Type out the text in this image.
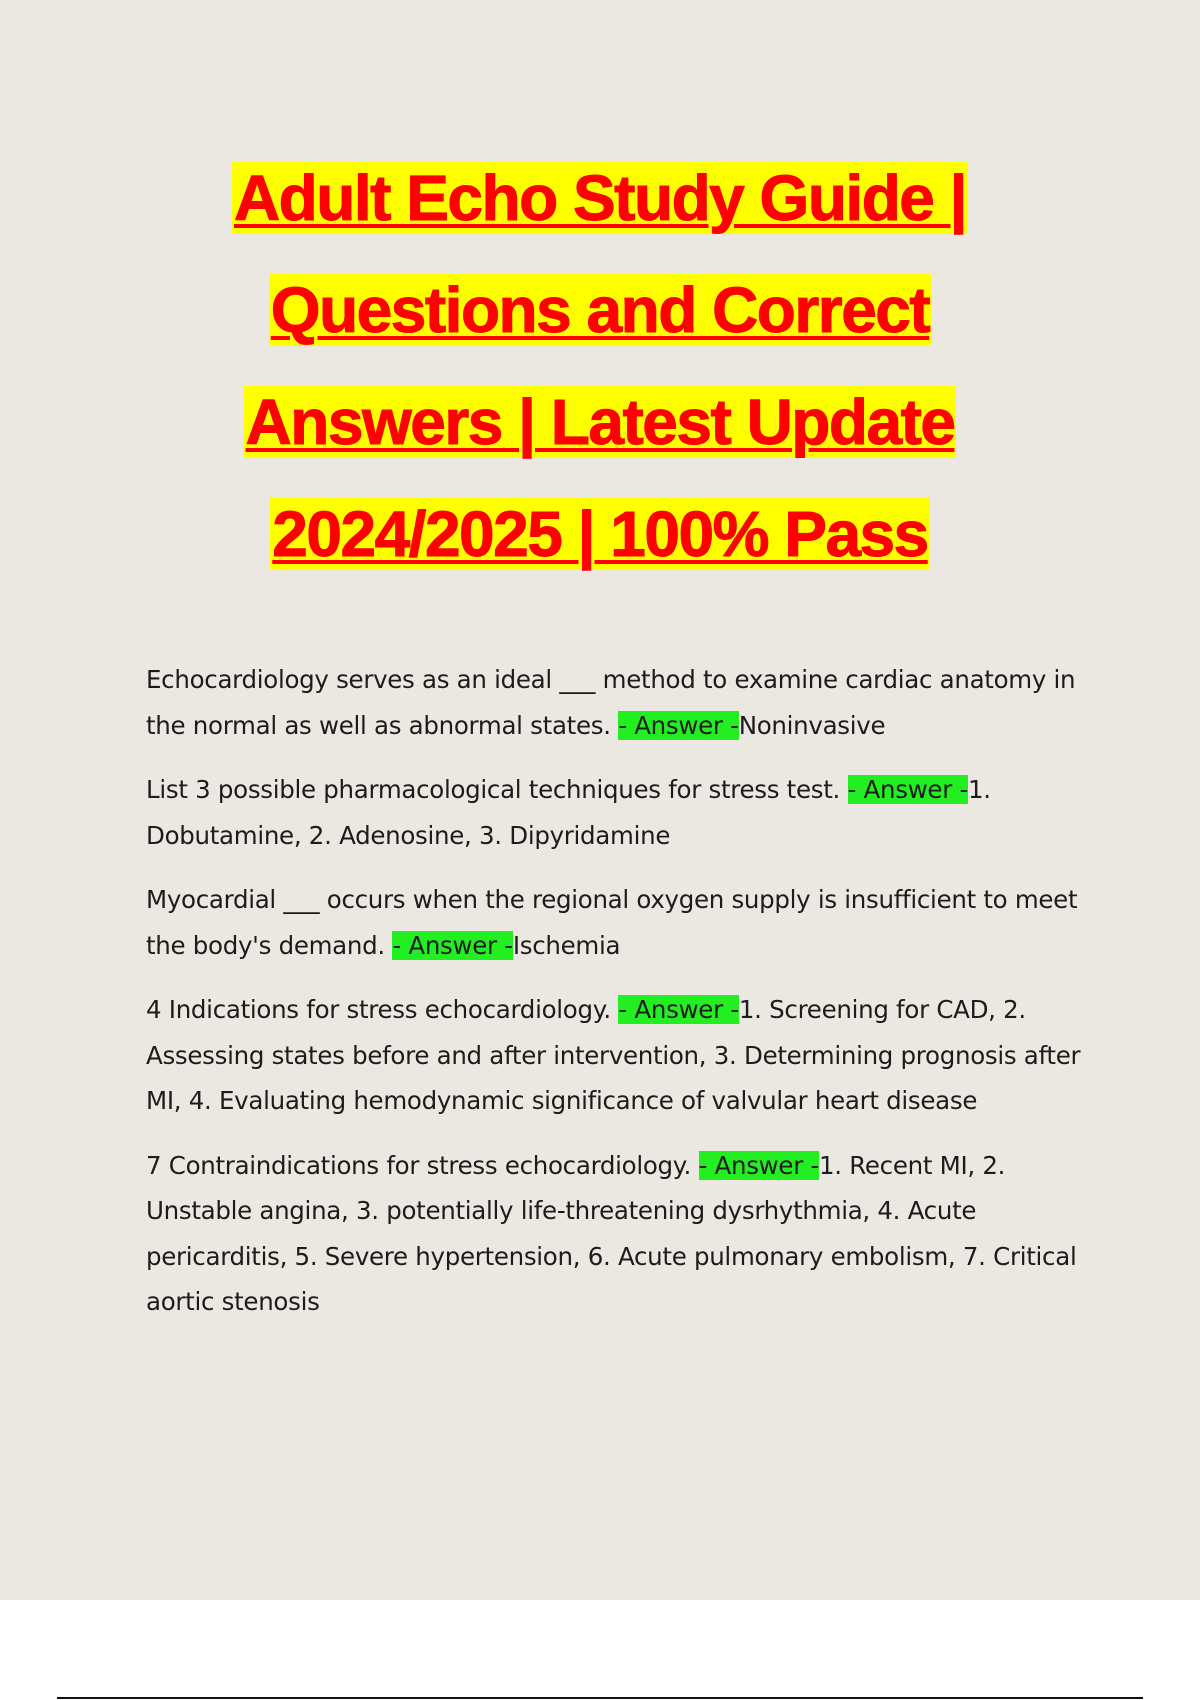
Adult Echo Study Guide |
Questions and Correct
Answers | Latest Update
2024/2025 | 100% Pass

Echocardiology serves as an ideal ___ method to examine cardiac anatomy in the normal as well as abnormal states. - Answer -Noninvasive

List 3 possible pharmacological techniques for stress test. - Answer -1. Dobutamine, 2. Adenosine, 3. Dipyridamine

Myocardial ___ occurs when the regional oxygen supply is insufficient to meet the body's demand. - Answer -Ischemia

4 Indications for stress echocardiology. - Answer -1. Screening for CAD, 2. Assessing states before and after intervention, 3. Determining prognosis after MI, 4. Evaluating hemodynamic significance of valvular heart disease

7 Contraindications for stress echocardiology. - Answer -1. Recent MI, 2. Unstable angina, 3. potentially life-threatening dysrhythmia, 4. Acute pericarditis, 5. Severe hypertension, 6. Acute pulmonary embolism, 7. Critical aortic stenosis
